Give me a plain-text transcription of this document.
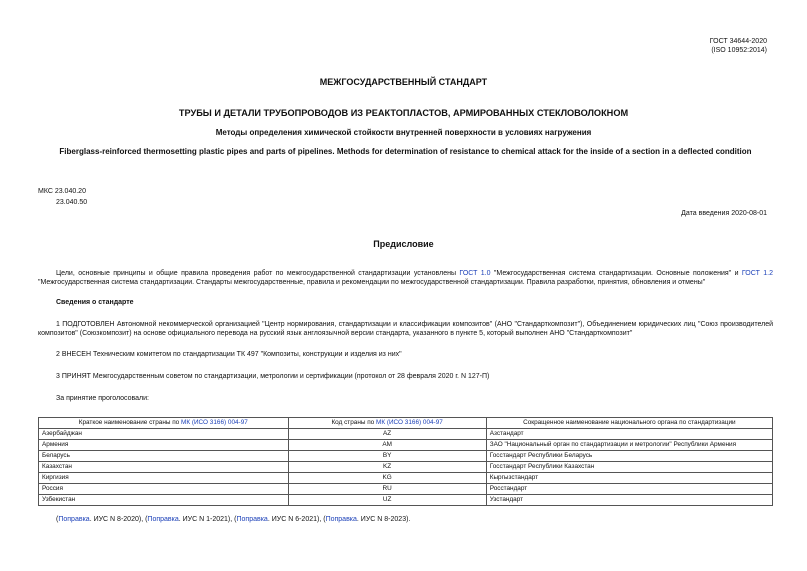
ГОСТ 34644-2020
(ISO 10952:2014)
МЕЖГОСУДАРСТВЕННЫЙ СТАНДАРТ
ТРУБЫ И ДЕТАЛИ ТРУБОПРОВОДОВ ИЗ РЕАКТОПЛАСТОВ, АРМИРОВАННЫХ СТЕКЛОВОЛОКНОМ
Методы определения химической стойкости внутренней поверхности в условиях нагружения
Fiberglass-reinforced thermosetting plastic pipes and parts of pipelines. Methods for determination of resistance to chemical attack for the inside of a section in a deflected condition
МКС 23.040.20
23.040.50
Дата введения 2020-08-01
Предисловие
Цели, основные принципы и общие правила проведения работ по межгосударственной стандартизации установлены ГОСТ 1.0 "Межгосударственная система стандартизации. Основные положения" и ГОСТ 1.2 "Межгосударственная система стандартизации. Стандарты межгосударственные, правила и рекомендации по межгосударственной стандартизации. Правила разработки, принятия, обновления и отмены"
Сведения о стандарте
1 ПОДГОТОВЛЕН Автономной некоммерческой организацией "Центр нормирования, стандартизации и классификации композитов" (АНО "Стандарткомпозит"), Объединением юридических лиц "Союз производителей композитов" (Союзкомпозит) на основе официального перевода на русский язык англоязычной версии стандарта, указанного в пункте 5, который выполнен АНО "Стандарткомпозит"
2 ВНЕСЕН Техническим комитетом по стандартизации ТК 497 "Композиты, конструкции и изделия из них"
3 ПРИНЯТ Межгосударственным советом по стандартизации, метрологии и сертификации (протокол от 28 февраля 2020 г. N 127-П)
За принятие проголосовали:
Краткое наименование страны по МК (ИСО 3166) 004-97	Код страны по МК (ИСО 3166) 004-97	Сокращенное наименование национального органа по стандартизации
Азербайджан	AZ	Азстандарт
Армения	AM	ЗАО "Национальный орган по стандартизации и метрологии" Республики Армения
Беларусь	BY	Госстандарт Республики Беларусь
Казахстан	KZ	Госстандарт Республики Казахстан
Киргизия	KG	Кыргызстандарт
Россия	RU	Росстандарт
Узбекистан	UZ	Узстандарт
(Поправка. ИУС N 8-2020), (Поправка. ИУС N 1-2021), (Поправка. ИУС N 6-2021), (Поправка. ИУС N 8-2023).
